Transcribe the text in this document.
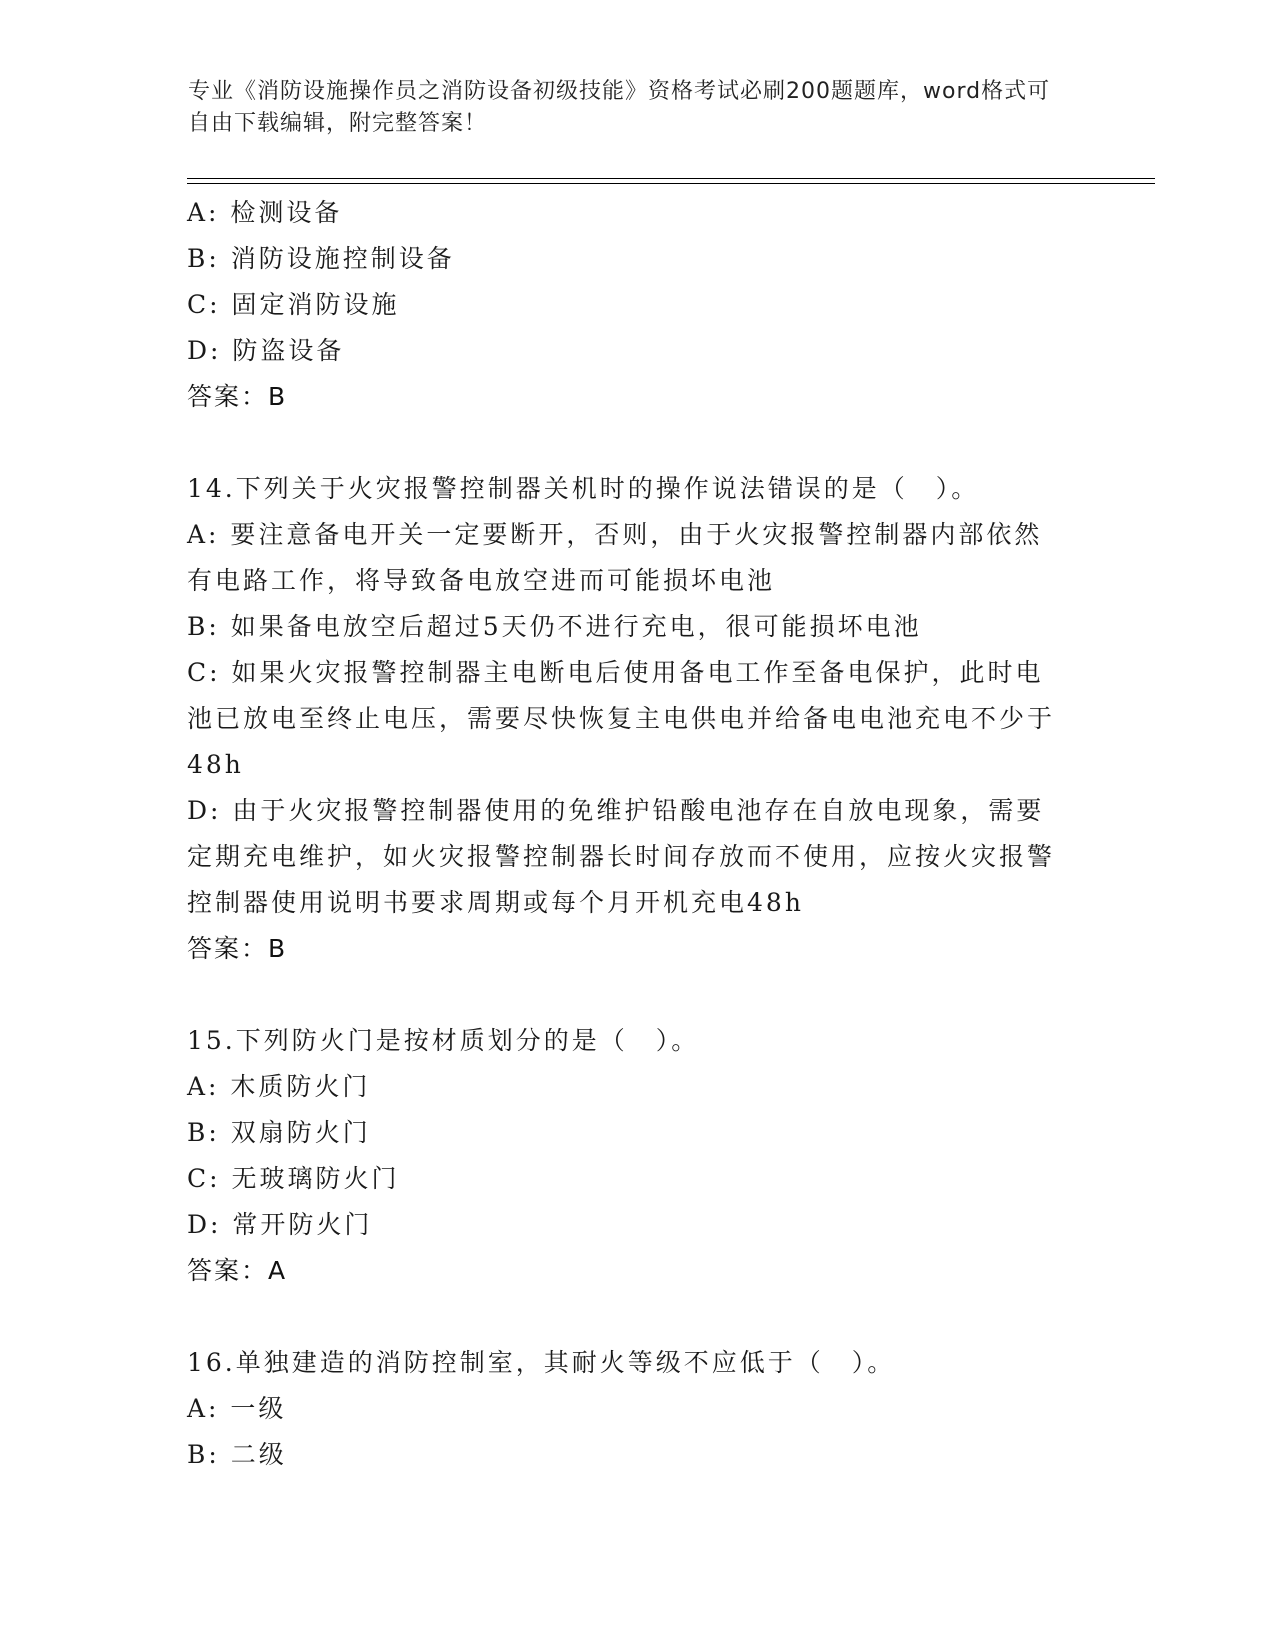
专业《消防设施操作员之消防设备初级技能》资格考试必刷200题题库，word格式可自由下载编辑，附完整答案！
A: 检测设备
B: 消防设施控制设备
C: 固定消防设施
D: 防盗设备
答案：B
14.下列关于火灾报警控制器关机时的操作说法错误的是（　）。
A: 要注意备电开关一定要断开，否则，由于火灾报警控制器内部依然有电路工作，将导致备电放空进而可能损坏电池
B: 如果备电放空后超过5天仍不进行充电，很可能损坏电池
C: 如果火灾报警控制器主电断电后使用备电工作至备电保护，此时电池已放电至终止电压，需要尽快恢复主电供电并给备电电池充电不少于48h
D: 由于火灾报警控制器使用的免维护铅酸电池存在自放电现象，需要定期充电维护，如火灾报警控制器长时间存放而不使用，应按火灾报警控制器使用说明书要求周期或每个月开机充电48h
答案：B
15.下列防火门是按材质划分的是（　）。
A: 木质防火门
B: 双扇防火门
C: 无玻璃防火门
D: 常开防火门
答案：A
16.单独建造的消防控制室，其耐火等级不应低于（　）。
A: 一级
B: 二级
